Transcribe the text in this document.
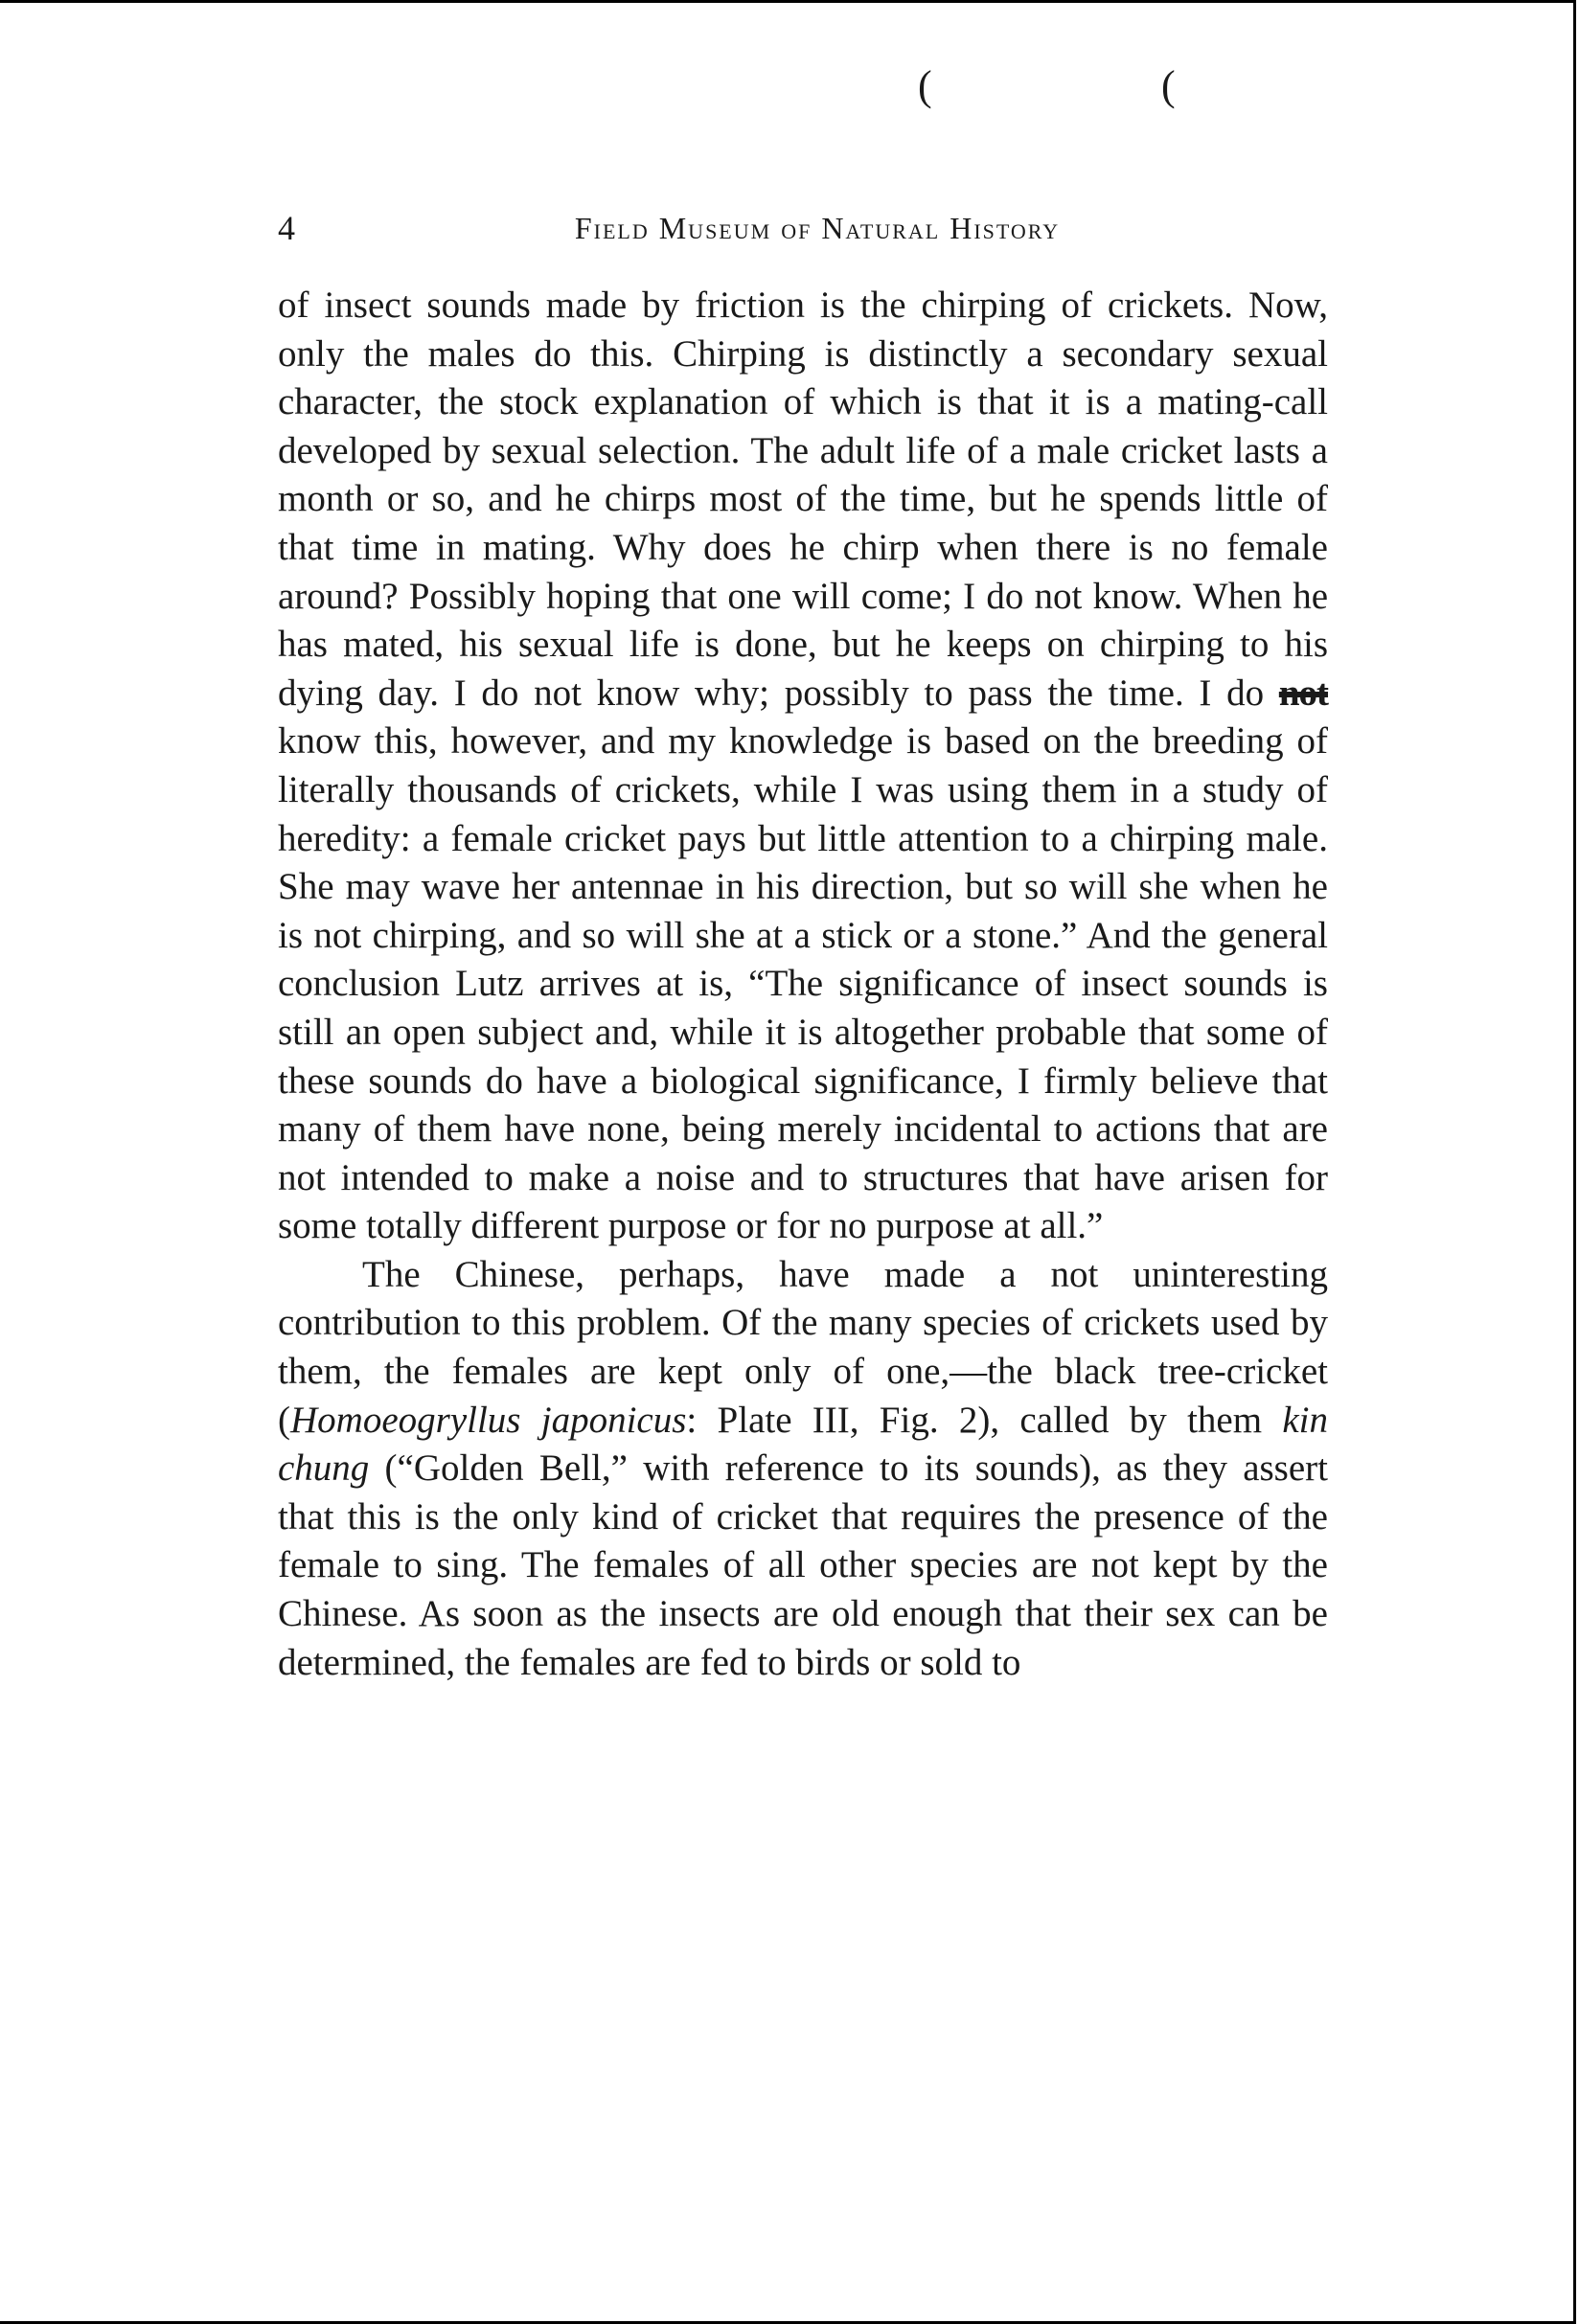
(	(
4	Field Museum of Natural History

of insect sounds made by friction is the chirping of crickets. Now, only the males do this. Chirping is distinctly a secondary sexual character, the stock explanation of which is that it is a mating-call developed by sexual selection. The adult life of a male cricket lasts a month or so, and he chirps most of the time, but he spends little of that time in mating. Why does he chirp when there is no female around? Possibly hoping that one will come; I do not know. When he has mated, his sexual life is done, but he keeps on chirping to his dying day. I do not know why; possibly to pass the time. I do not know this, however, and my knowledge is based on the breeding of literally thousands of crickets, while I was using them in a study of heredity: a female cricket pays but little attention to a chirping male. She may wave her antennae in his direction, but so will she when he is not chirping, and so will she at a stick or a stone.” And the general conclusion Lutz arrives at is, “The significance of insect sounds is still an open subject and, while it is altogether probable that some of these sounds do have a biological significance, I firmly believe that many of them have none, being merely incidental to actions that are not intended to make a noise and to structures that have arisen for some totally different purpose or for no purpose at all.”

The Chinese, perhaps, have made a not uninteresting contribution to this problem. Of the many species of crickets used by them, the females are kept only of one,—the black tree-cricket (Homoeogryllus japonicus: Plate III, Fig. 2), called by them kin chung (“Golden Bell,” with reference to its sounds), as they assert that this is the only kind of cricket that requires the presence of the female to sing. The females of all other species are not kept by the Chinese. As soon as the insects are old enough that their sex can be determined, the females are fed to birds or sold to
